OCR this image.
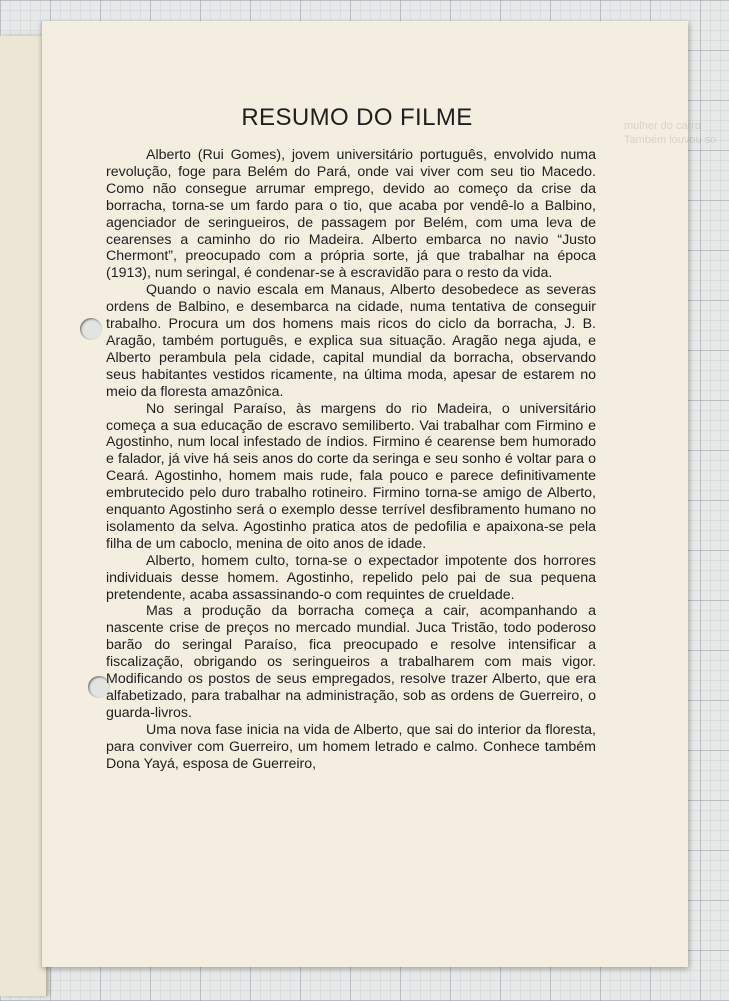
mulher do carro
Também louvou so
RESUMO DO FILME

Alberto (Rui Gomes), jovem universitário português, envolvido numa revolução, foge para Belém do Pará, onde vai viver com seu tio Macedo. Como não consegue arrumar emprego, devido ao começo da crise da borracha, torna-se um fardo para o tio, que acaba por vendê-lo a Balbino, agenciador de seringueiros, de passagem por Belém, com uma leva de cearenses a caminho do rio Madeira. Alberto embarca no navio “Justo Chermont”, preocupado com a própria sorte, já que trabalhar na época (1913), num seringal, é condenar-se à escravidão para o resto da vida.

Quando o navio escala em Manaus, Alberto desobedece as severas ordens de Balbino, e desembarca na cidade, numa tentativa de conseguir trabalho. Procura um dos homens mais ricos do ciclo da borracha, J. B. Aragão, também português, e explica sua situação. Aragão nega ajuda, e Alberto perambula pela cidade, capital mundial da borracha, observando seus habitantes vestidos ricamente, na última moda, apesar de estarem no meio da floresta amazônica.

No seringal Paraíso, às margens do rio Madeira, o universitário começa a sua educação de escravo semiliberto. Vai trabalhar com Firmino e Agostinho, num local infestado de índios. Firmino é cearense bem humorado e falador, já vive há seis anos do corte da seringa e seu sonho é voltar para o Ceará. Agostinho, homem mais rude, fala pouco e parece definitivamente embrutecido pelo duro trabalho rotineiro. Firmino torna-se amigo de Alberto, enquanto Agostinho será o exemplo desse terrível desfibramento humano no isolamento da selva. Agostinho pratica atos de pedofilia e apaixona-se pela filha de um caboclo, menina de oito anos de idade.

Alberto, homem culto, torna-se o expectador impotente dos horrores individuais desse homem. Agostinho, repelido pelo pai de sua pequena pretendente, acaba assassinando-o com requintes de crueldade.

Mas a produção da borracha começa a cair, acompanhando a nascente crise de preços no mercado mundial. Juca Tristão, todo poderoso barão do seringal Paraíso, fica preocupado e resolve intensificar a fiscalização, obrigando os seringueiros a trabalharem com mais vigor. Modificando os postos de seus empregados, resolve trazer Alberto, que era alfabetizado, para trabalhar na administração, sob as ordens de Guerreiro, o guarda-livros.

Uma nova fase inicia na vida de Alberto, que sai do interior da floresta, para conviver com Guerreiro, um homem letrado e calmo. Conhece também Dona Yayá, esposa de Guerreiro,
